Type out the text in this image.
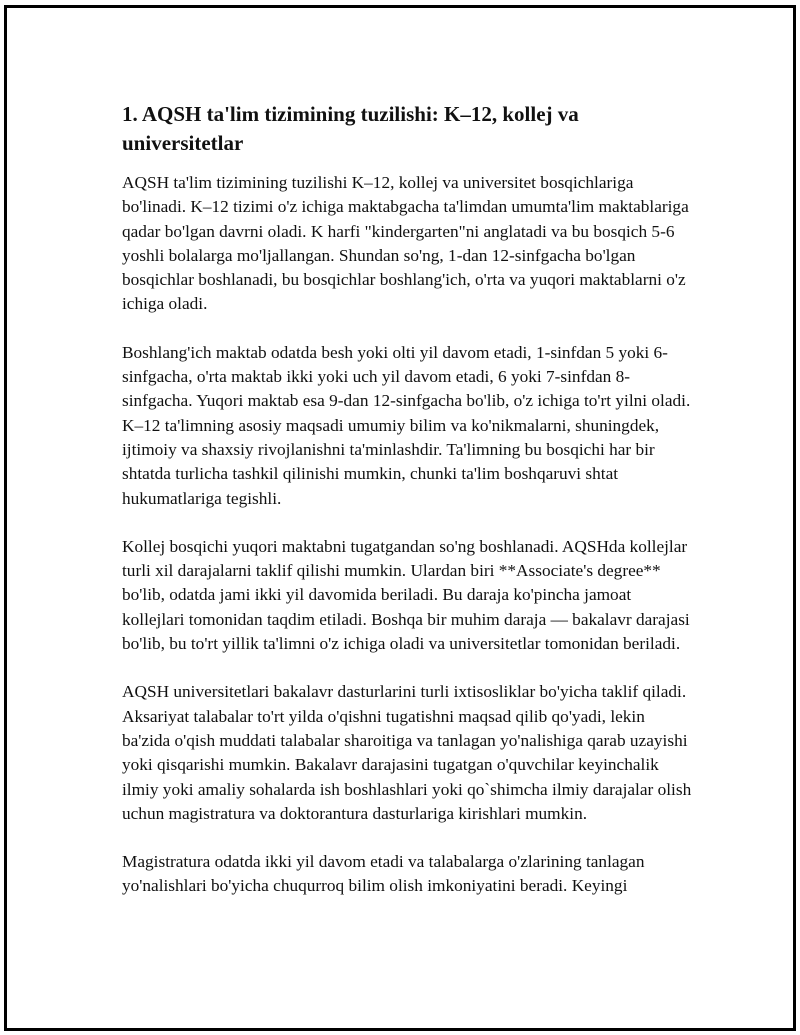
1. AQSH ta'lim tizimining tuzilishi: K–12, kollej va universitetlar

AQSH ta'lim tizimining tuzilishi K–12, kollej va universitet bosqichlariga bo'linadi. K–12 tizimi o'z ichiga maktabgacha ta'limdan umumta'lim maktablariga qadar bo'lgan davrni oladi. K harfi "kindergarten"ni anglatadi va bu bosqich 5-6 yoshli bolalarga mo'ljallangan. Shundan so'ng, 1-dan 12-sinfgacha bo'lgan bosqichlar boshlanadi, bu bosqichlar boshlang'ich, o'rta va yuqori maktablarni o'z ichiga oladi.

Boshlang'ich maktab odatda besh yoki olti yil davom etadi, 1-sinfdan 5 yoki 6-sinfgacha, o'rta maktab ikki yoki uch yil davom etadi, 6 yoki 7-sinfdan 8-sinfgacha. Yuqori maktab esa 9-dan 12-sinfgacha bo'lib, o'z ichiga to'rt yilni oladi. K–12 ta'limning asosiy maqsadi umumiy bilim va ko'nikmalarni, shuningdek, ijtimoiy va shaxsiy rivojlanishni ta'minlashdir. Ta'limning bu bosqichi har bir shtatda turlicha tashkil qilinishi mumkin, chunki ta'lim boshqaruvi shtat hukumatlariga tegishli.

Kollej bosqichi yuqori maktabni tugatgandan so'ng boshlanadi. AQSHda kollejlar turli xil darajalarni taklif qilishi mumkin. Ulardan biri **Associate's degree** bo'lib, odatda jami ikki yil davomida beriladi. Bu daraja ko'pincha jamoat kollejlari tomonidan taqdim etiladi. Boshqa bir muhim daraja — bakalavr darajasi bo'lib, bu to'rt yillik ta'limni o'z ichiga oladi va universitetlar tomonidan beriladi.

AQSH universitetlari bakalavr dasturlarini turli ixtisosliklar bo'yicha taklif qiladi. Aksariyat talabalar to'rt yilda o'qishni tugatishni maqsad qilib qo'yadi, lekin ba'zida o'qish muddati talabalar sharoitiga va tanlagan yo'nalishiga qarab uzayishi yoki qisqarishi mumkin. Bakalavr darajasini tugatgan o'quvchilar keyinchalik ilmiy yoki amaliy sohalarda ish boshlashlari yoki qo`shimcha ilmiy darajalar olish uchun magistratura va doktorantura dasturlariga kirishlari mumkin.

Magistratura odatda ikki yil davom etadi va talabalarga o'zlarining tanlagan yo'nalishlari bo'yicha chuqurroq bilim olish imkoniyatini beradi. Keyingi
